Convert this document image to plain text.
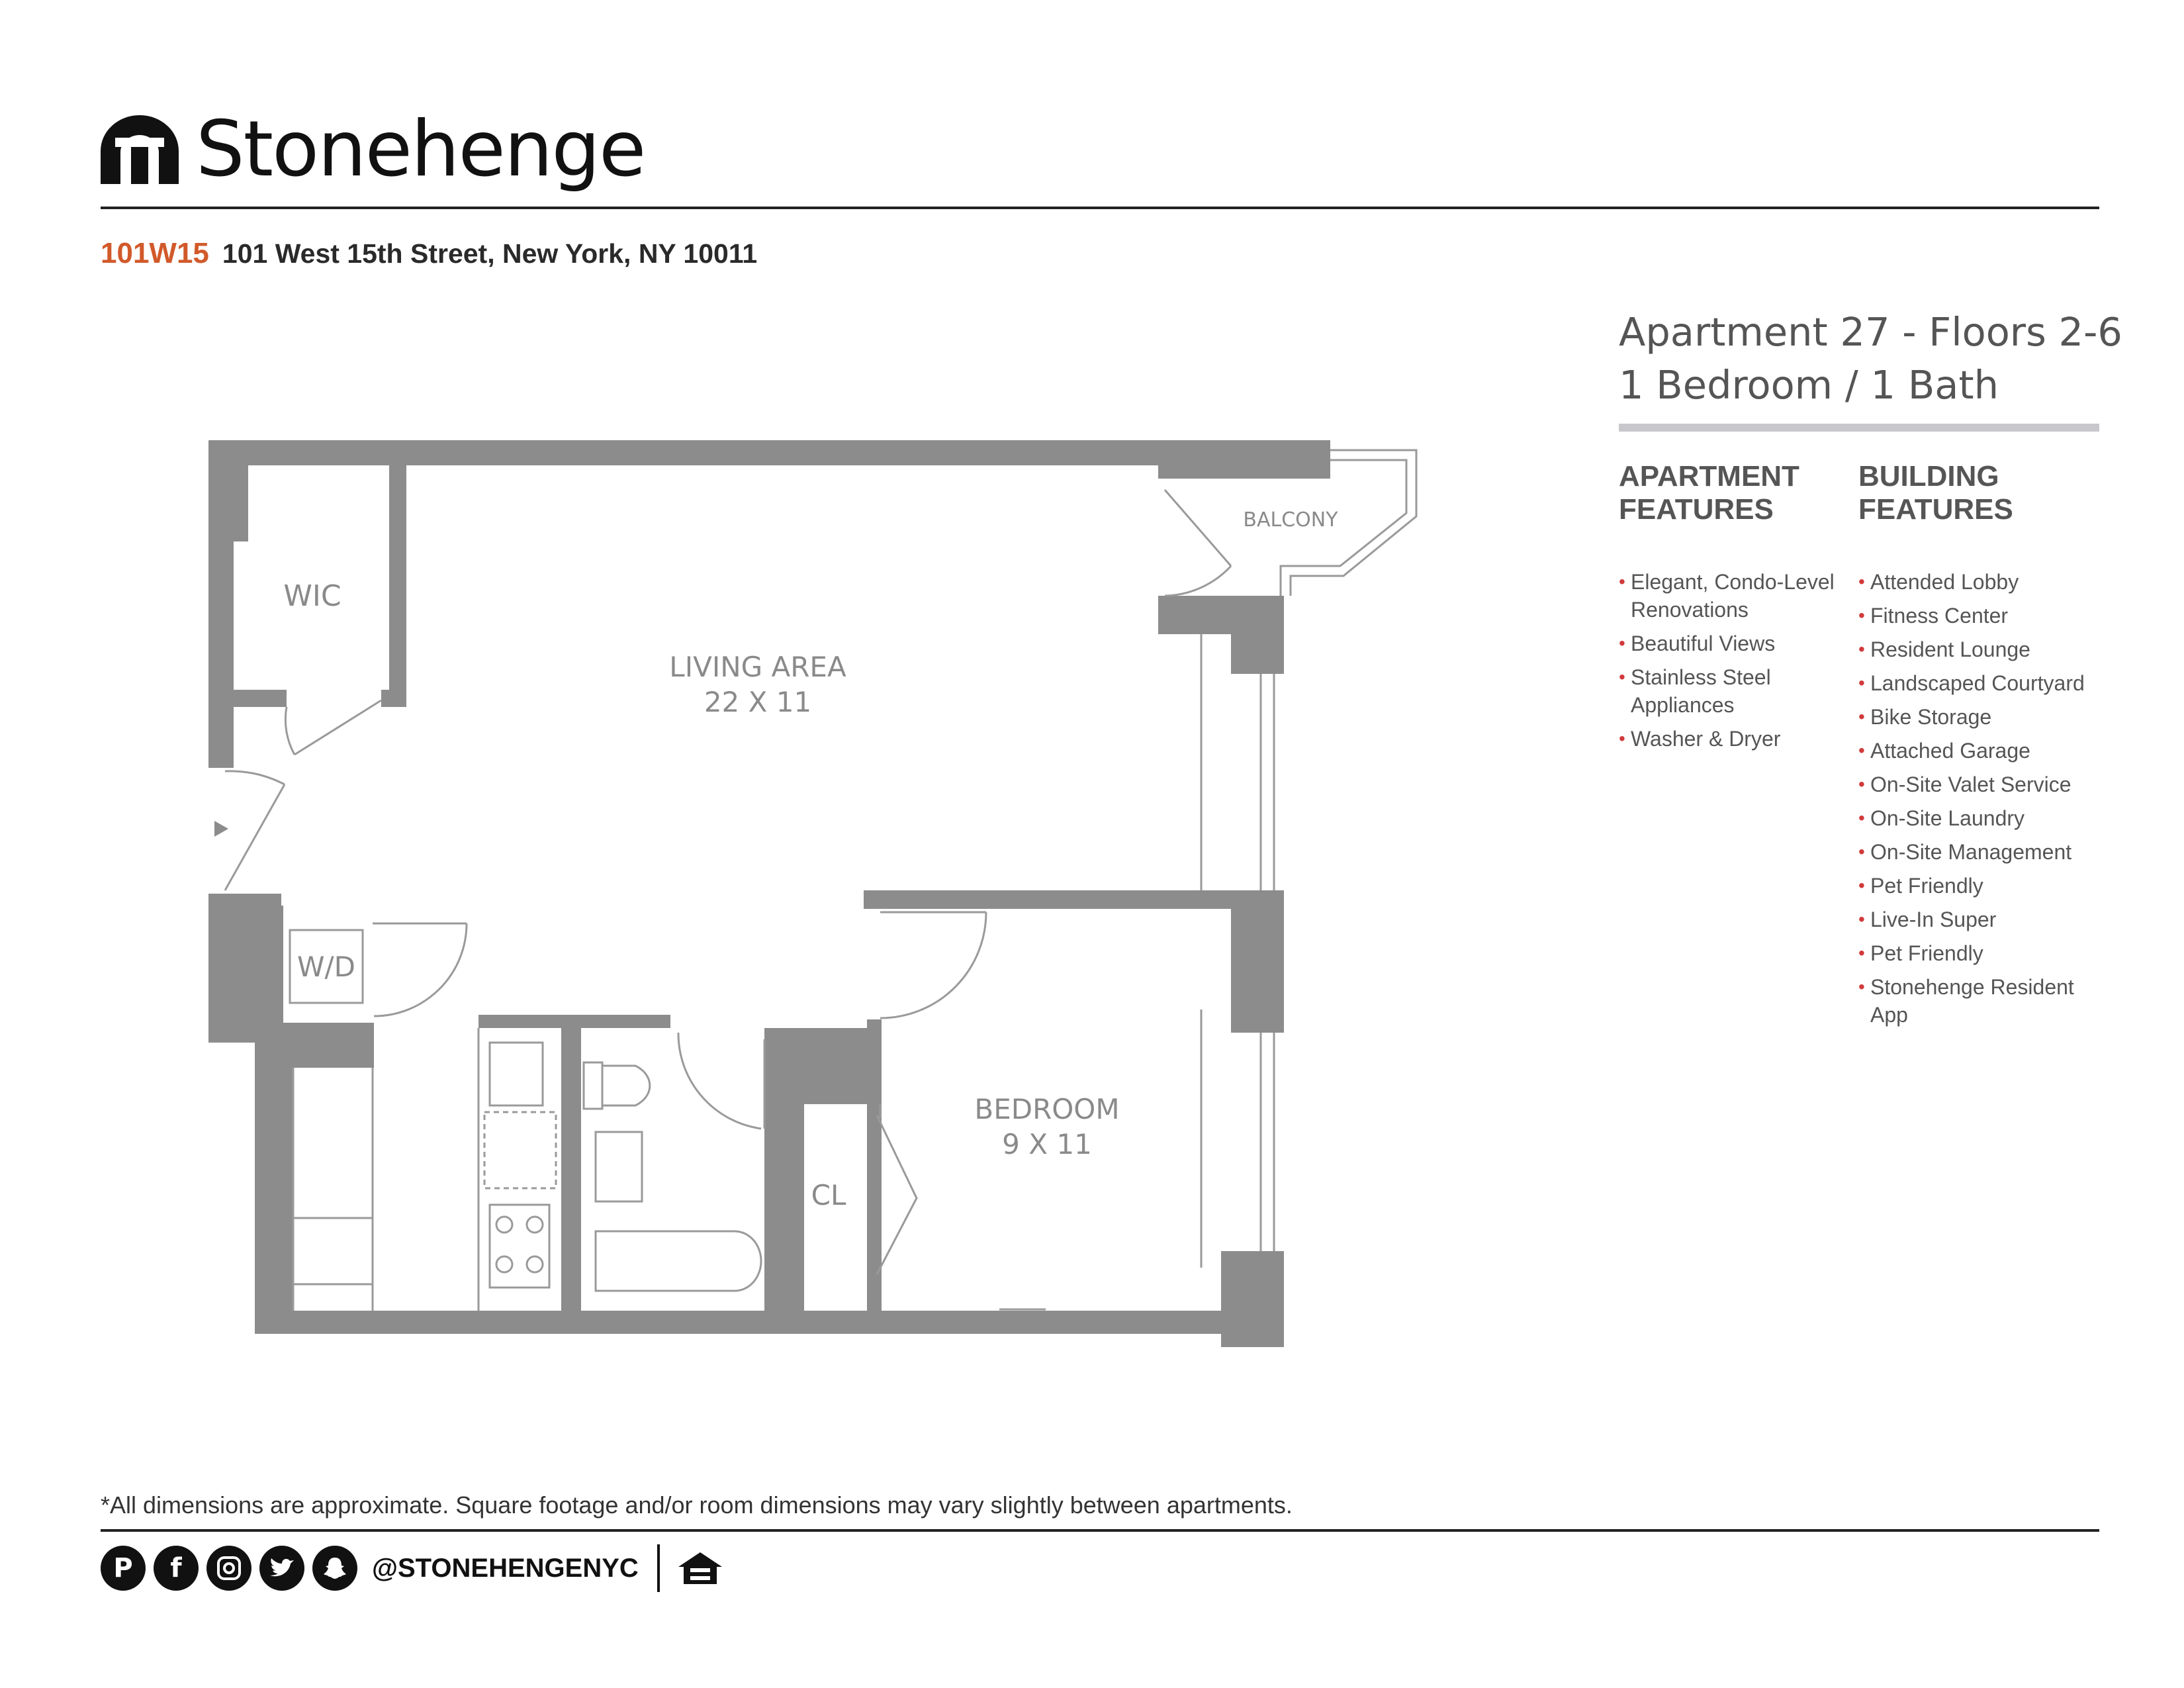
Stonehenge
101W15 101 West 15th Street, New York, NY 10011
Apartment 27 - Floors 2-6
1 Bedroom / 1 Bath
APARTMENT
FEATURES
BUILDING
FEATURES
• Elegant, Condo-Level
Renovations
• Beautiful Views
• Stainless Steel
Appliances
• Washer & Dryer
• Attended Lobby
• Fitness Center
• Resident Lounge
• Landscaped Courtyard
• Bike Storage
• Attached Garage
• On-Site Valet Service
• On-Site Laundry
• On-Site Management
• Pet Friendly
• Live-In Super
• Pet Friendly
• Stonehenge Resident
App
WIC
LIVING AREA
22 X 11
BALCONY
W/D
BEDROOM
9 X 11
CL
*All dimensions are approximate. Square footage and/or room dimensions may vary slightly between apartments.
P	f	@STONEHENGENYC
